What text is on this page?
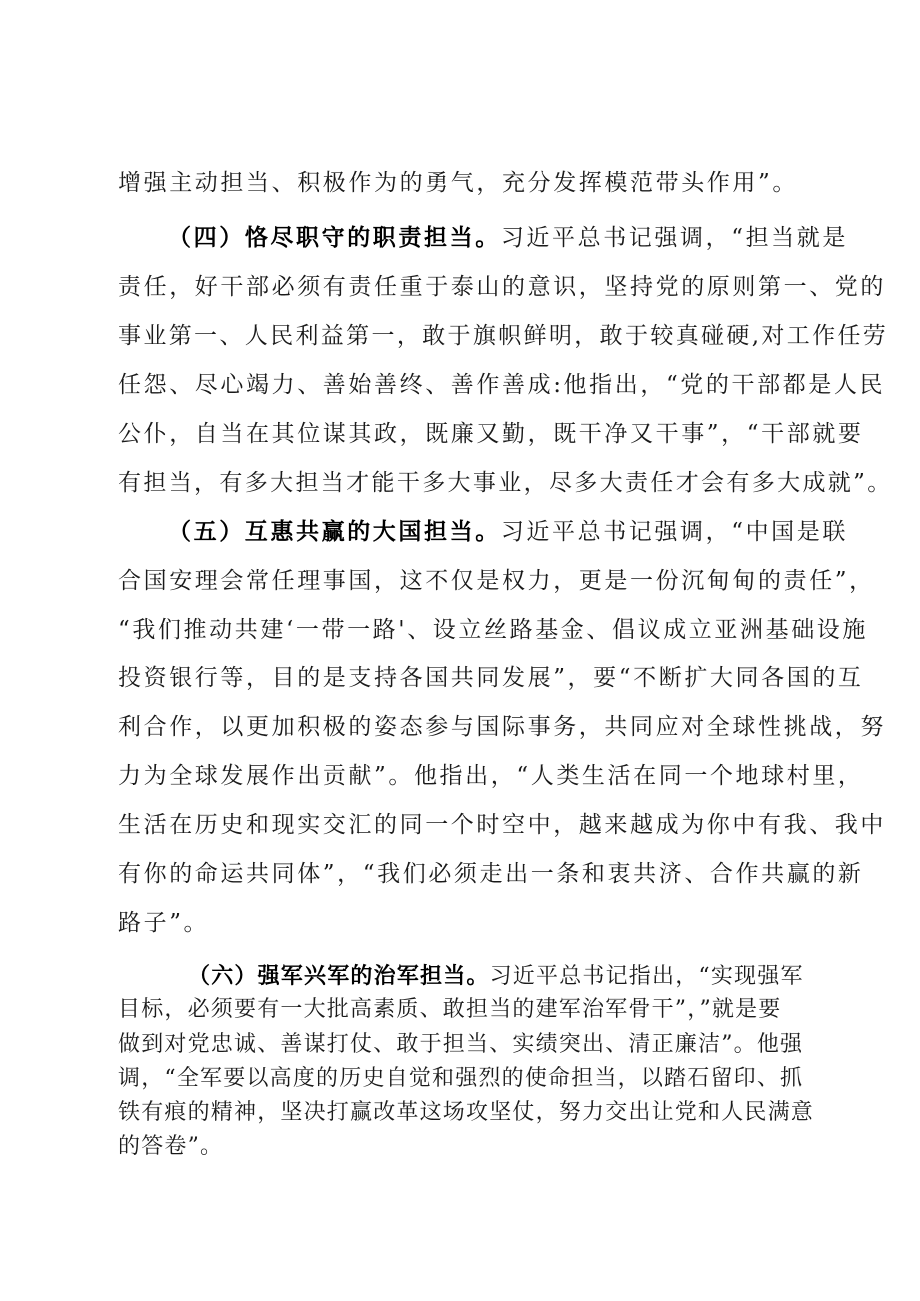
增强主动担当、积极作为的勇气，充分发挥模范带头作用”。
（四）恪尽职守的职责担当。习近平总书记强调，“担当就是
责任，好干部必须有责任重于泰山的意识，坚持党的原则第一、党的
事业第一、人民利益第一，敢于旗帜鲜明，敢于较真碰硬,对工作任劳
任怨、尽心竭力、善始善终、善作善成:他指出，“党的干部都是人民
公仆，自当在其位谋其政，既廉又勤，既干净又干事”，“干部就要
有担当，有多大担当才能干多大事业，尽多大责任才会有多大成就”。
（五）互惠共赢的大国担当。习近平总书记强调，“中国是联
合国安理会常任理事国，这不仅是权力，更是一份沉甸甸的责任”，
“我们推动共建‘一带一路'、设立丝路基金、倡议成立亚洲基础设施
投资银行等，目的是支持各国共同发展”，要“不断扩大同各国的互
利合作，以更加积极的姿态参与国际事务，共同应对全球性挑战，努
力为全球发展作出贡献”。他指出，“人类生活在同一个地球村里，
生活在历史和现实交汇的同一个时空中，越来越成为你中有我、我中
有你的命运共同体”，“我们必须走出一条和衷共济、合作共赢的新
路子”。
（六）强军兴军的治军担当。习近平总书记指出，“实现强军
目标，必须要有一大批高素质、敢担当的建军治军骨干”，”就是要
做到对党忠诚、善谋打仗、敢于担当、实绩突出、清正廉洁”。他强
调，“全军要以高度的历史自觉和强烈的使命担当，以踏石留印、抓
铁有痕的精神，坚决打赢改革这场攻坚仗，努力交出让党和人民满意
的答卷”。
